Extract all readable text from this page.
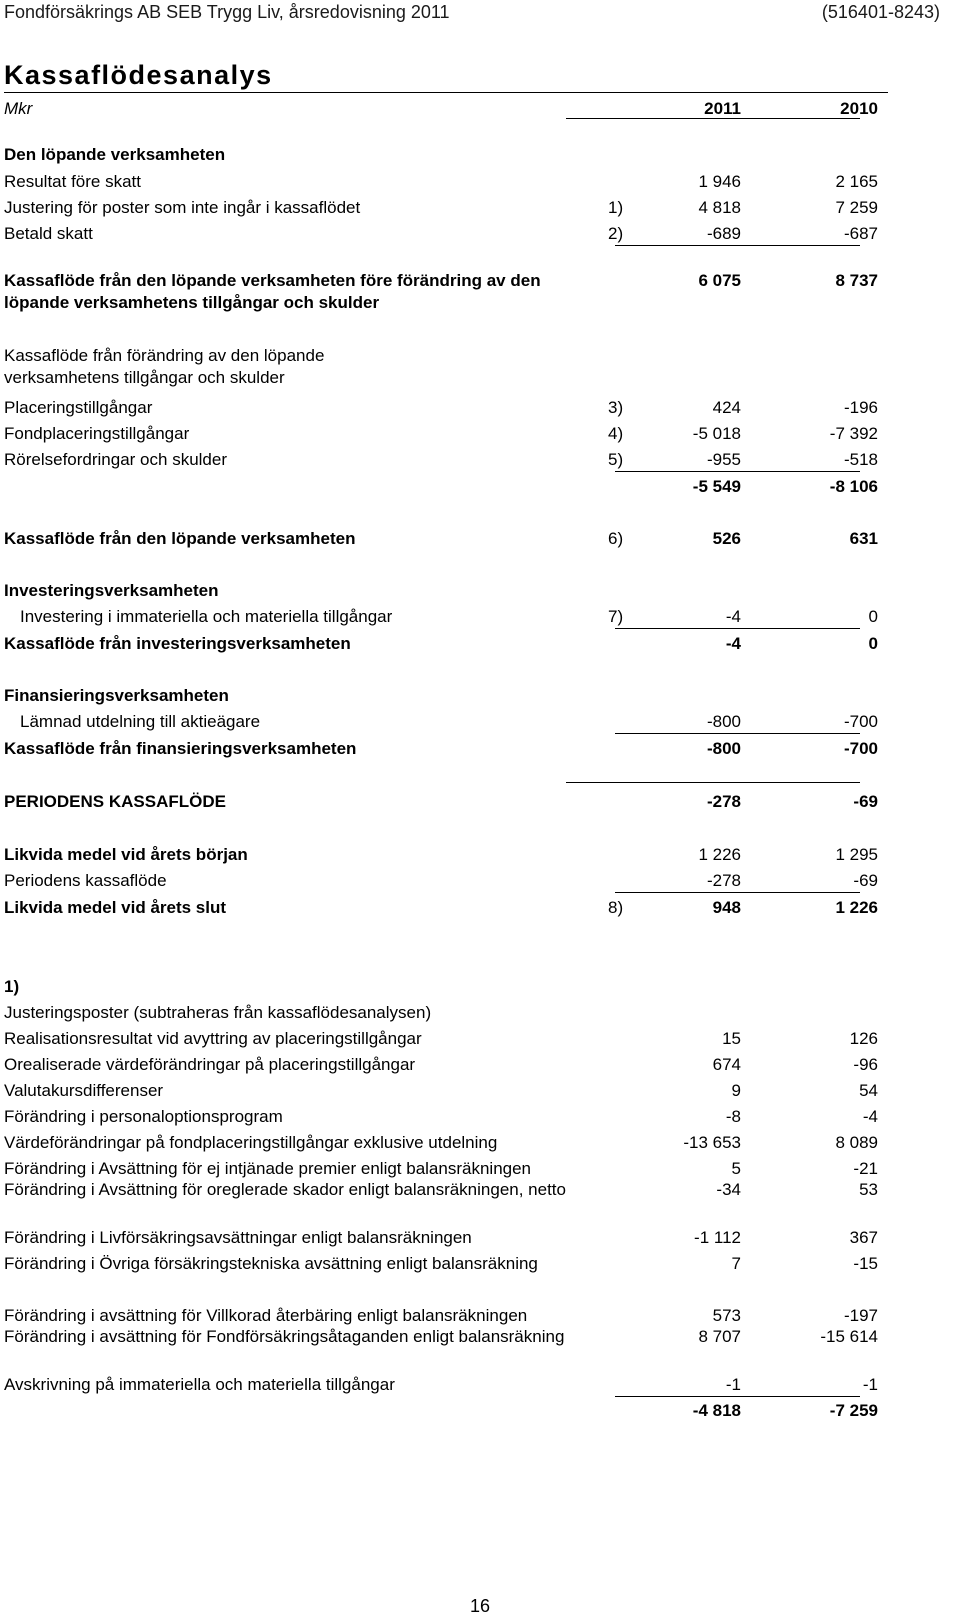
Fondförsäkrings AB SEB Trygg Liv, årsredovisning 2011	(516401-8243)
Kassaflödesanalys
Mkr	2011	2010
Den löpande verksamheten
Resultat före skatt	1 946	2 165
Justering för poster som inte ingår i kassaflödet	1)	4 818	7 259
Betald skatt	2)	-689	-687
Kassaflöde från den löpande verksamheten före förändring av den löpande verksamhetens tillgångar och skulder
6 075	8 737
Kassaflöde från förändring av den löpande verksamhetens tillgångar och skulder
Placeringstillgångar	3)	424	-196
Fondplaceringstillgångar	4)	-5 018	-7 392
Rörelsefordringar och skulder	5)	-955	-518
-5 549	-8 106
Kassaflöde från den löpande verksamheten	6)	526	631
Investeringsverksamheten
Investering i immateriella och materiella tillgångar	7)	-4	0
Kassaflöde från investeringsverksamheten	-4	0
Finansieringsverksamheten
Lämnad utdelning till aktieägare	-800	-700
Kassaflöde från finansieringsverksamheten	-800	-700
PERIODENS KASSAFLÖDE	-278	-69
Likvida medel vid årets början	1 226	1 295
Periodens kassaflöde	-278	-69
Likvida medel vid årets slut	8)	948	1 226
1)
Justeringsposter (subtraheras från kassaflödesanalysen)
Realisationsresultat vid avyttring av placeringstillgångar	15	126
Orealiserade värdeförändringar på placeringstillgångar	674	-96
Valutakursdifferenser	9	54
Förändring i personaloptionsprogram	-8	-4
Värdeförändringar på fondplaceringstillgångar exklusive utdelning	-13 653	8 089
Förändring i Avsättning för ej intjänade premier enligt balansräkningen	5	-21
Förändring i Avsättning för oreglerade skador enligt balansräkningen, netto	-34	53
Förändring i Livförsäkringsavsättningar enligt balansräkningen	-1 112	367
Förändring i Övriga försäkringstekniska avsättning enligt balansräkning	7	-15
Förändring i avsättning för Villkorad återbäring enligt balansräkningen	573	-197
Förändring i avsättning för Fondförsäkringsåtaganden enligt balansräkning	8 707	-15 614
Avskrivning på immateriella och materiella tillgångar	-1	-1
-4 818	-7 259
16
